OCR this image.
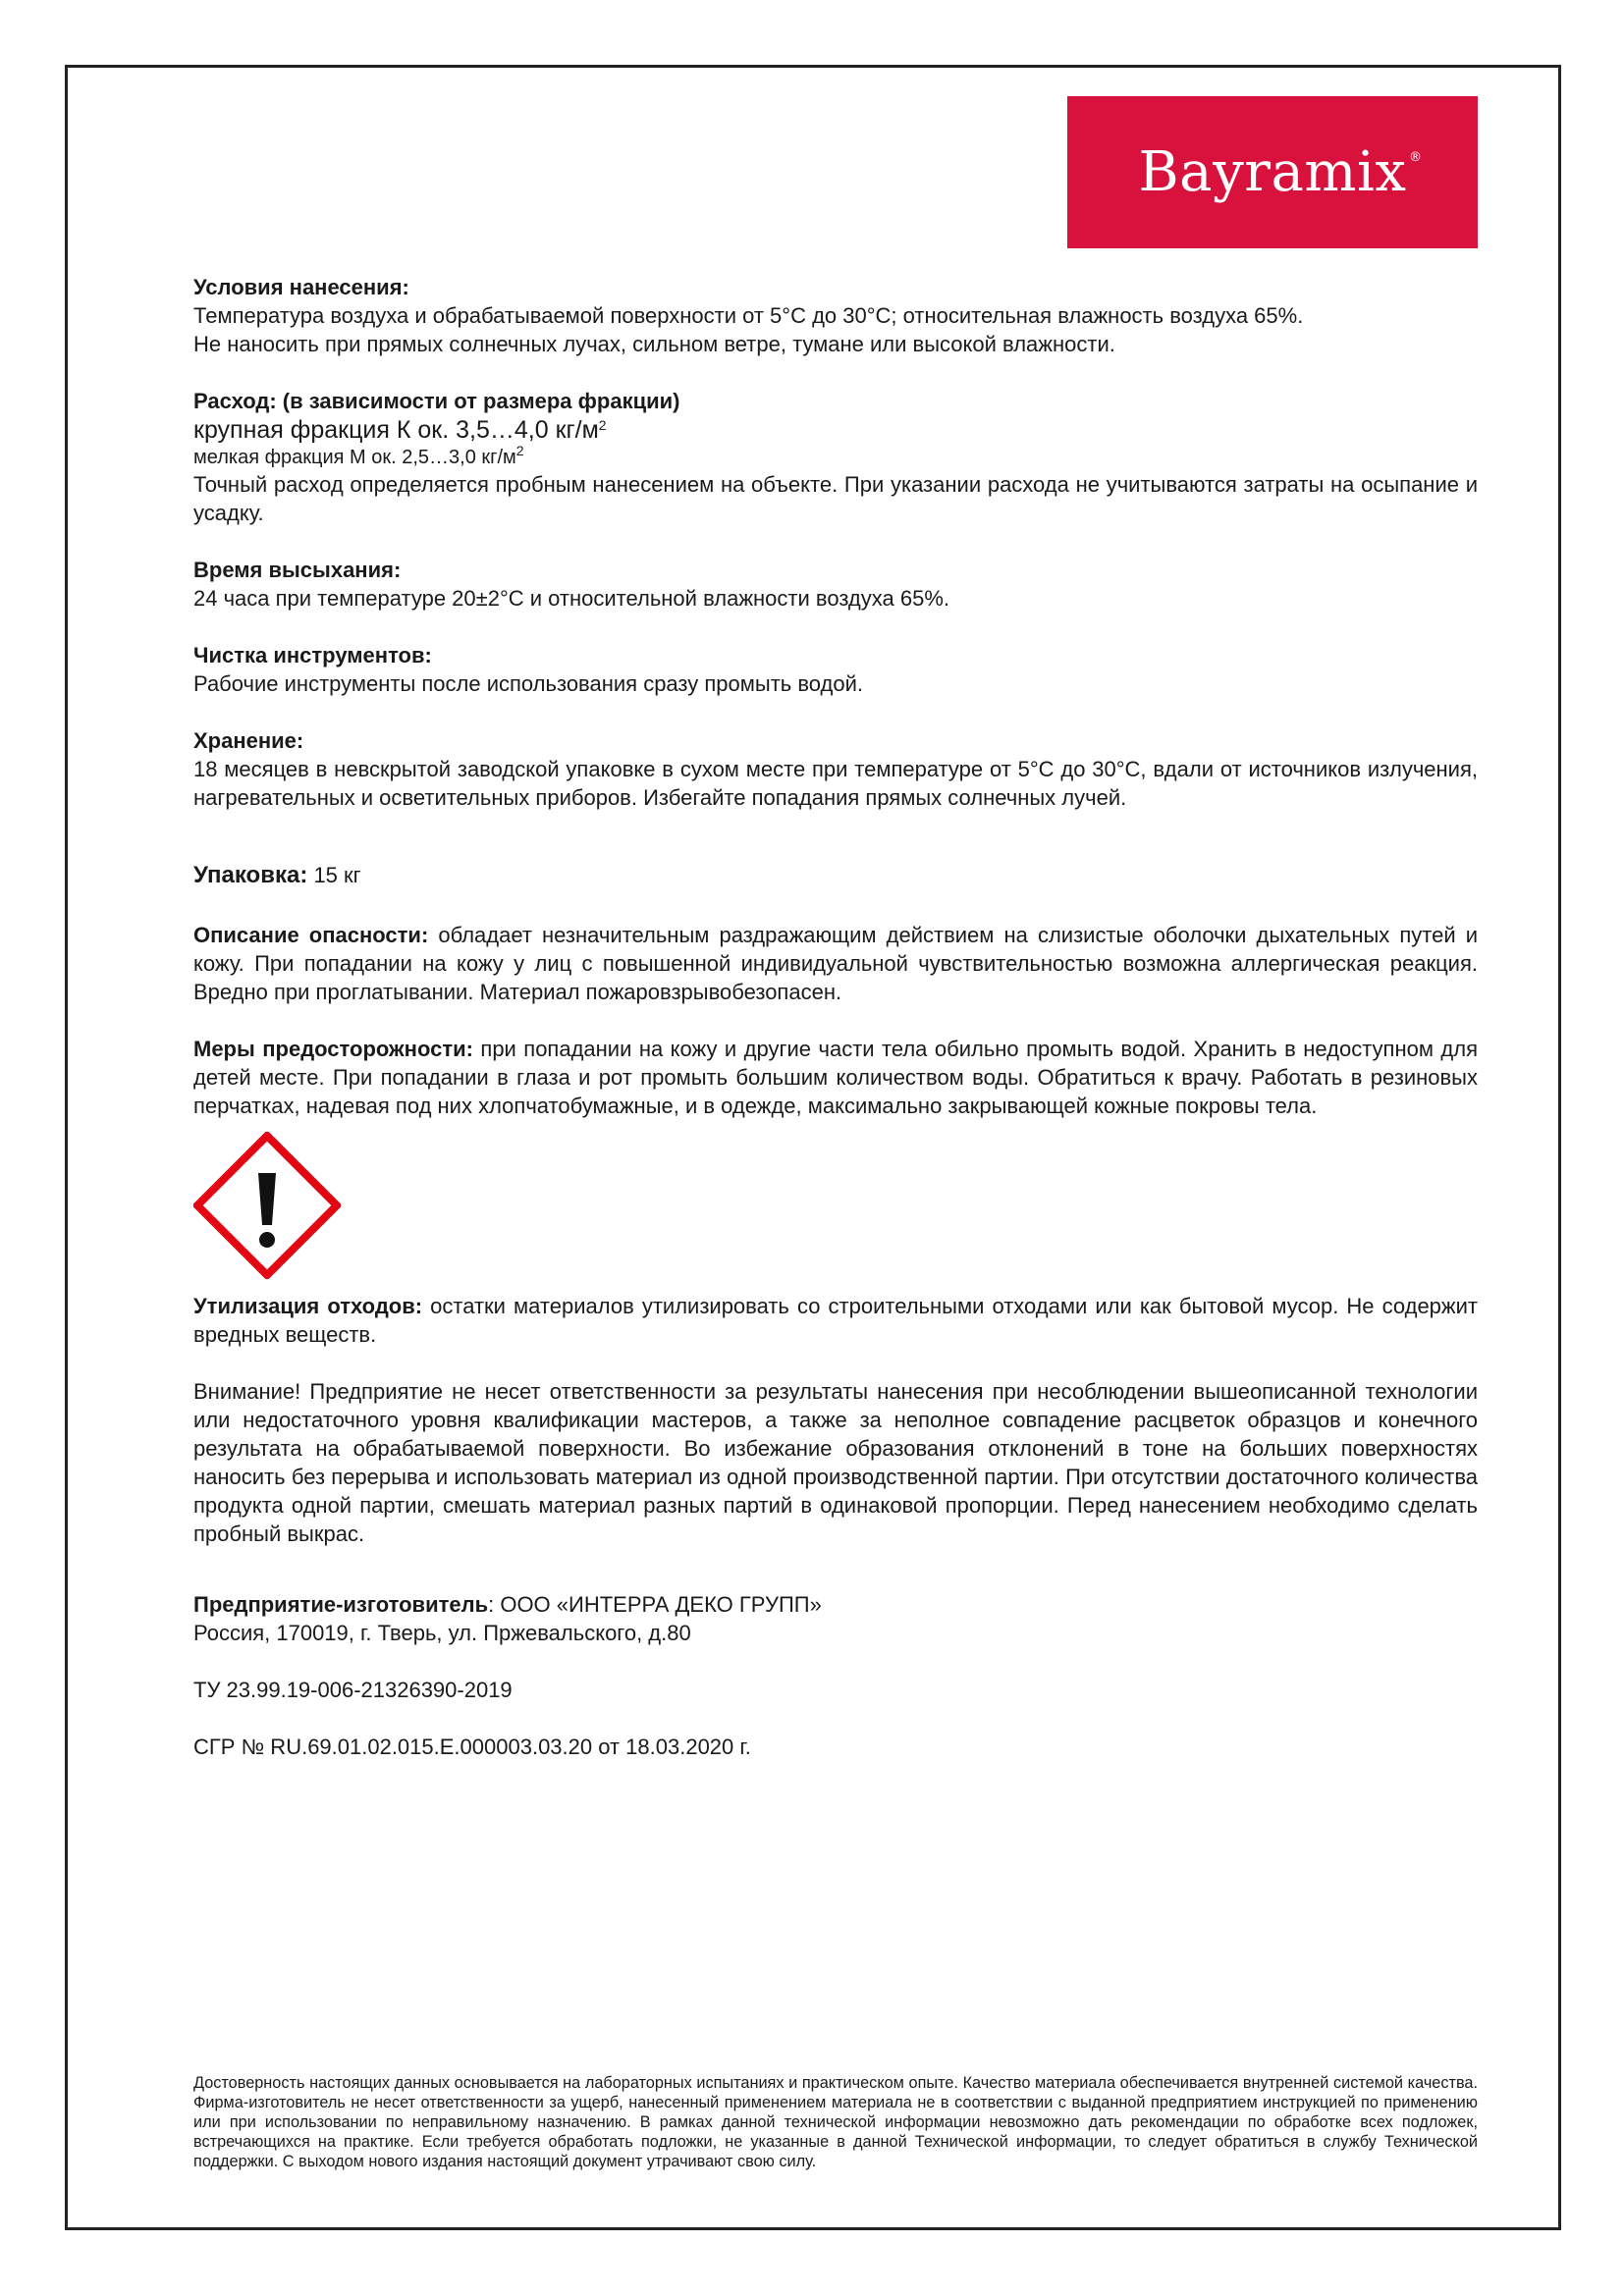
Bayramix ®
Условия нанесения:
Температура воздуха и обрабатываемой поверхности от 5°С до 30°С; относительная влажность воздуха 65%.
Не наносить при прямых солнечных лучах, сильном ветре, тумане или высокой влажности.
Расход: (в зависимости от размера фракции)
крупная фракция К ок. 3,5…4,0 $кг/м^2$
мелкая фракция М ок. 2,5…3,0 $кг/м^2$
Точный расход определяется пробным нанесением на объекте. При указании расхода не учитываются затраты на осыпание и усадку.
Время высыхания:
24 часа при температуре 20±2°С и относительной влажности воздуха 65%.
Чистка инструментов:
Рабочие инструменты после использования сразу промыть водой.
Хранение:
18 месяцев в невскрытой заводской упаковке в сухом месте при температуре от 5°С до 30°С, вдали от источников излучения, нагревательных и осветительных приборов. Избегайте попадания прямых солнечных лучей.
Упаковка: 15 кг
Описание опасности: обладает незначительным раздражающим действием на слизистые оболочки дыхательных путей и кожу. При попадании на кожу у лиц с повышенной индивидуальной чувствительностью возможна аллергическая реакция. Вредно при проглатывании. Материал пожаровзрывобезопасен.
Меры предосторожности: при попадании на кожу и другие части тела обильно промыть водой. Хранить в недоступном для детей месте. При попадании в глаза и рот промыть большим количеством воды. Обратиться к врачу. Работать в резиновых перчатках, надевая под них хлопчатобумажные, и в одежде, максимально закрывающей кожные покровы тела.
Утилизация отходов: остатки материалов утилизировать со строительными отходами или как бытовой мусор. Не содержит вредных веществ.
Внимание! Предприятие не несет ответственности за результаты нанесения при несоблюдении вышеописанной технологии или недостаточного уровня квалификации мастеров, а также за неполное совпадение расцветок образцов и конечного результата на обрабатываемой поверхности. Во избежание образования отклонений в тоне на больших поверхностях наносить без перерыва и использовать материал из одной производственной партии. При отсутствии достаточного количества продукта одной партии, смешать материал разных партий в одинаковой пропорции. Перед нанесением необходимо сделать пробный выкрас.
Предприятие-изготовитель: ООО «ИНТЕРРА ДЕКО ГРУПП»
Россия, 170019, г. Тверь, ул. Пржевальского, д.80
ТУ 23.99.19-006-21326390-2019
СГР № RU.69.01.02.015.Е.000003.03.20 от 18.03.2020 г.
Достоверность настоящих данных основывается на лабораторных испытаниях и практическом опыте. Качество материала обеспечивается внутренней системой качества. Фирма-изготовитель не несет ответственности за ущерб, нанесенный применением материала не в соответствии с выданной предприятием инструкцией по применению или при использовании по неправильному назначению. В рамках данной технической информации невозможно дать рекомендации по обработке всех подложек, встречающихся на практике. Если требуется обработать подложки, не указанные в данной Технической информации, то следует обратиться в службу Технической поддержки. С выходом нового издания настоящий документ утрачивают свою силу.
